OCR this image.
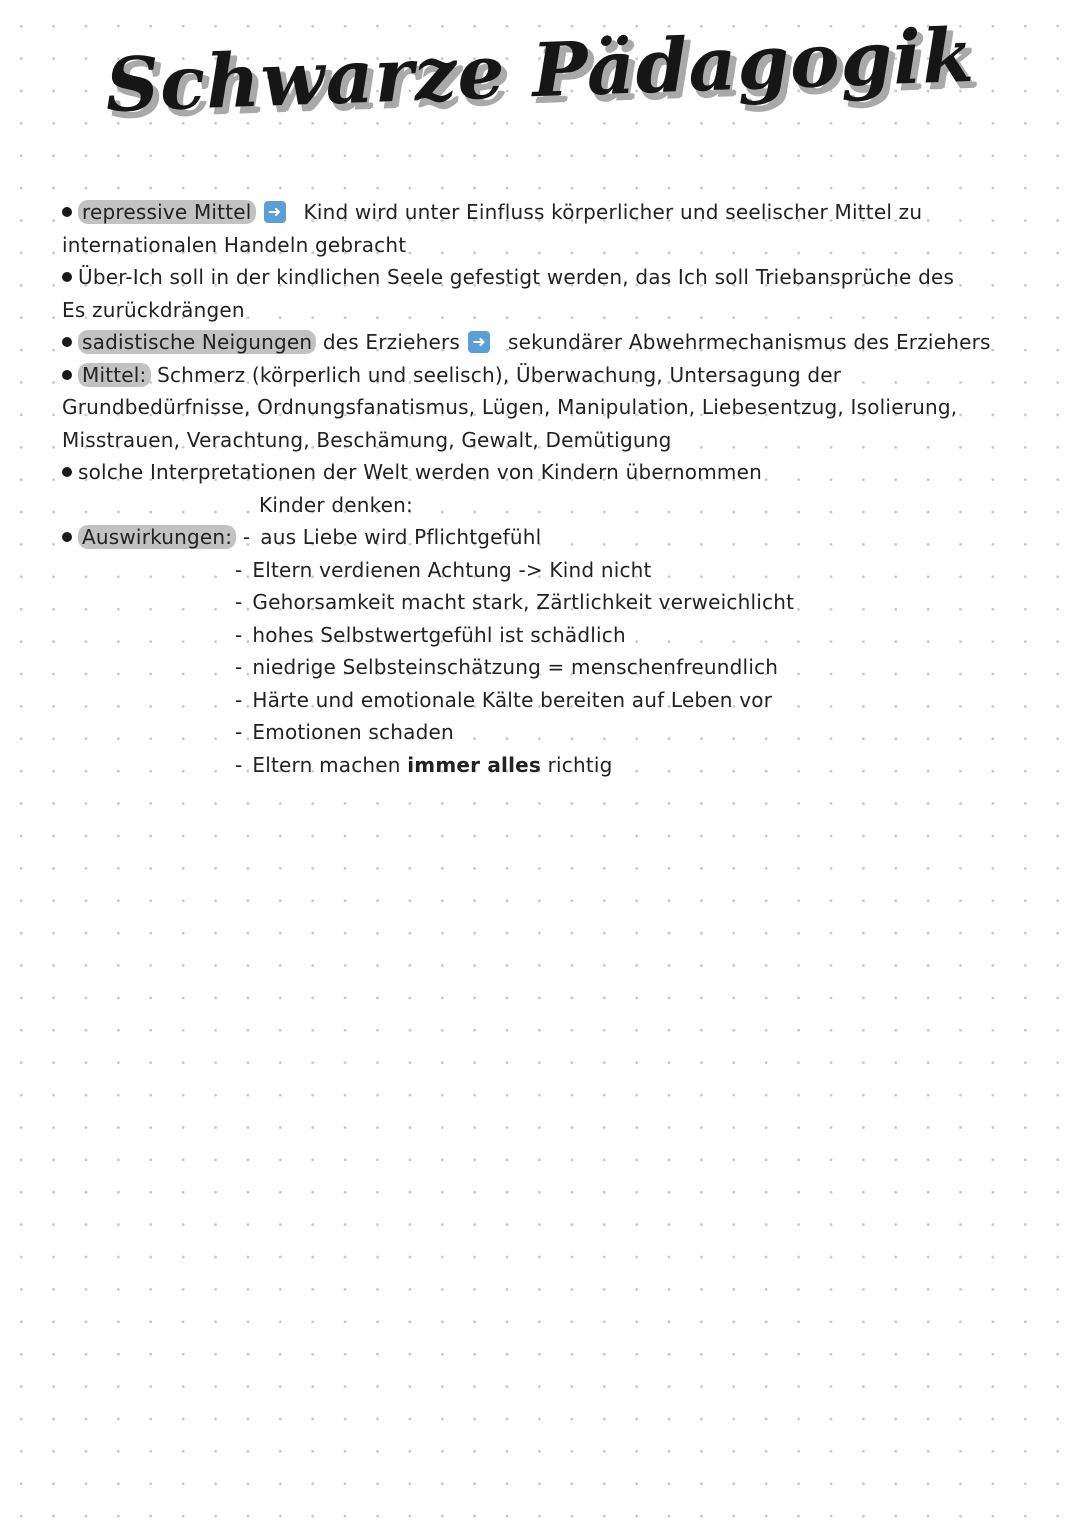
Schwarze Pädagogik
repressive Mittel ➜ Kind wird unter Einfluss körperlicher und seelischer Mittel zu
internationalen Handeln gebracht
Über-Ich soll in der kindlichen Seele gefestigt werden, das Ich soll Triebansprüche des
Es zurückdrängen
sadistische Neigungen des Erziehers ➜ sekundärer Abwehrmechanismus des Erziehers
Mittel: Schmerz (körperlich und seelisch), Überwachung, Untersagung der
Grundbedürfnisse, Ordnungsfanatismus, Lügen, Manipulation, Liebesentzug, Isolierung,
Misstrauen, Verachtung, Beschämung, Gewalt, Demütigung
solche Interpretationen der Welt werden von Kindern übernommen
Kinder denken:
Auswirkungen: - aus Liebe wird Pflichtgefühl
- Eltern verdienen Achtung -> Kind nicht
- Gehorsamkeit macht stark, Zärtlichkeit verweichlicht
- hohes Selbstwertgefühl ist schädlich
- niedrige Selbsteinschätzung = menschenfreundlich
- Härte und emotionale Kälte bereiten auf Leben vor
- Emotionen schaden
- Eltern machen immer alles richtig
